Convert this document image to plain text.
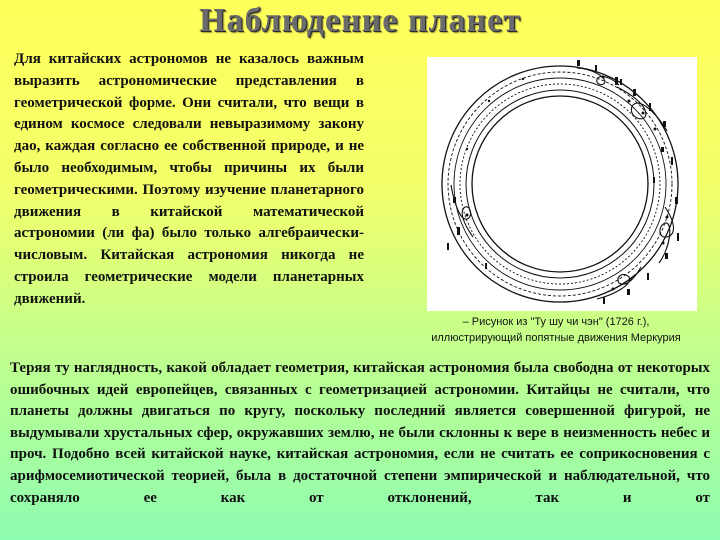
Наблюдение планет
Для китайских астрономов не казалось важным выразить астрономические представления в геометрической форме. Они считали, что вещи в едином космосе следовали невыразимому закону дао, каждая согласно ее собственной природе, и не было необходимым, чтобы причины их были геометрическими. Поэтому изучение планетарного движения в китайской математической астрономии (ли фа) было только алгебраически-числовым. Китайская астрономия никогда не строила геометрические модели планетарных движений.
– Рисунок из "Ту шу чи чэн" (1726 г.),
иллюстрирующий попятные движения Меркурия
Теряя ту наглядность, какой обладает геометрия, китайская астрономия была свободна от некоторых ошибочных идей европейцев, связанных с геометризацией астрономии. Китайцы не считали, что планеты должны двигаться по кругу, поскольку последний является совершенной фигурой, не выдумывали хрустальных сфер, окружавших землю, не были склонны к вере в неизменность небес и проч. Подобно всей китайской науке, китайская астрономия, если не считать ее соприкосновения с арифмосемиотической теорией, была в достаточной степени эмпирической и наблюдательной, что сохраняло ее как от отклонений, так и от
